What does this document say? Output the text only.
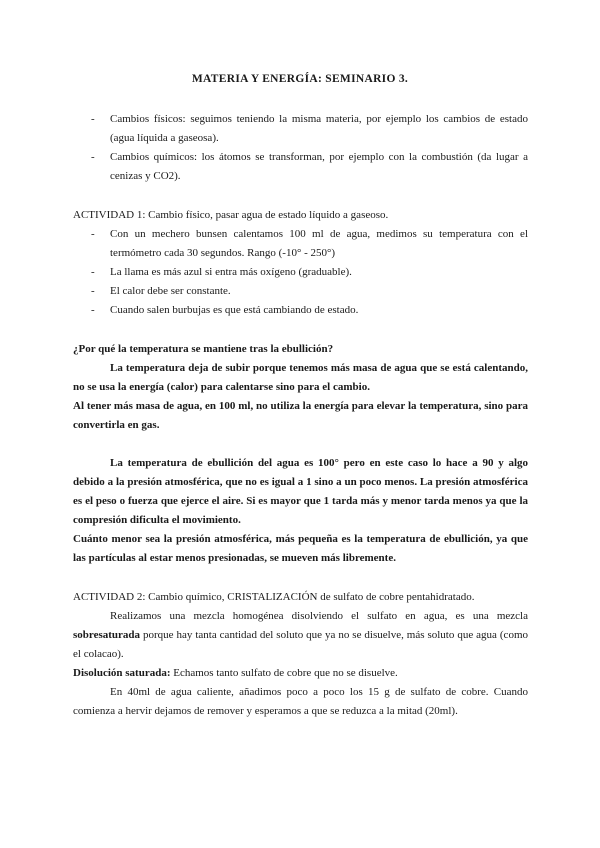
MATERIA Y ENERGÍA: SEMINARIO 3.
- Cambios físicos: seguimos teniendo la misma materia, por ejemplo los cambios de estado (agua líquida a gaseosa).
- Cambios químicos: los átomos se transforman, por ejemplo con la combustión (da lugar a cenizas y CO2).
ACTIVIDAD 1: Cambio físico, pasar agua de estado líquido a gaseoso.
- Con un mechero bunsen calentamos 100 ml de agua, medimos su temperatura con el termómetro cada 30 segundos. Rango (-10° - 250°)
- La llama es más azul si entra más oxígeno (graduable).
- El calor debe ser constante.
- Cuando salen burbujas es que está cambiando de estado.

¿Por qué la temperatura se mantiene tras la ebullición?

La temperatura deja de subir porque tenemos más masa de agua que se está calentando, no se usa la energía (calor) para calentarse sino para el cambio.

Al tener más masa de agua, en 100 ml, no utiliza la energía para elevar la temperatura, sino para convertirla en gas.

La temperatura de ebullición del agua es 100° pero en este caso lo hace a 90 y algo debido a la presión atmosférica, que no es igual a 1 sino a un poco menos. La presión atmosférica es el peso o fuerza que ejerce el aire. Si es mayor que 1 tarda más y menor tarda menos ya que la compresión dificulta el movimiento.

Cuánto menor sea la presión atmosférica, más pequeña es la temperatura de ebullición, ya que las partículas al estar menos presionadas, se mueven más libremente.

ACTIVIDAD 2: Cambio químico, CRISTALIZACIÓN de sulfato de cobre pentahidratado.

Realizamos una mezcla homogénea disolviendo el sulfato en agua, es una mezcla sobresaturada porque hay tanta cantidad del soluto que ya no se disuelve, más soluto que agua (como el colacao).

Disolución saturada: Echamos tanto sulfato de cobre que no se disuelve.

En 40ml de agua caliente, añadimos poco a poco los 15 g de sulfato de cobre. Cuando comienza a hervir dejamos de remover y esperamos a que se reduzca a la mitad (20ml).
